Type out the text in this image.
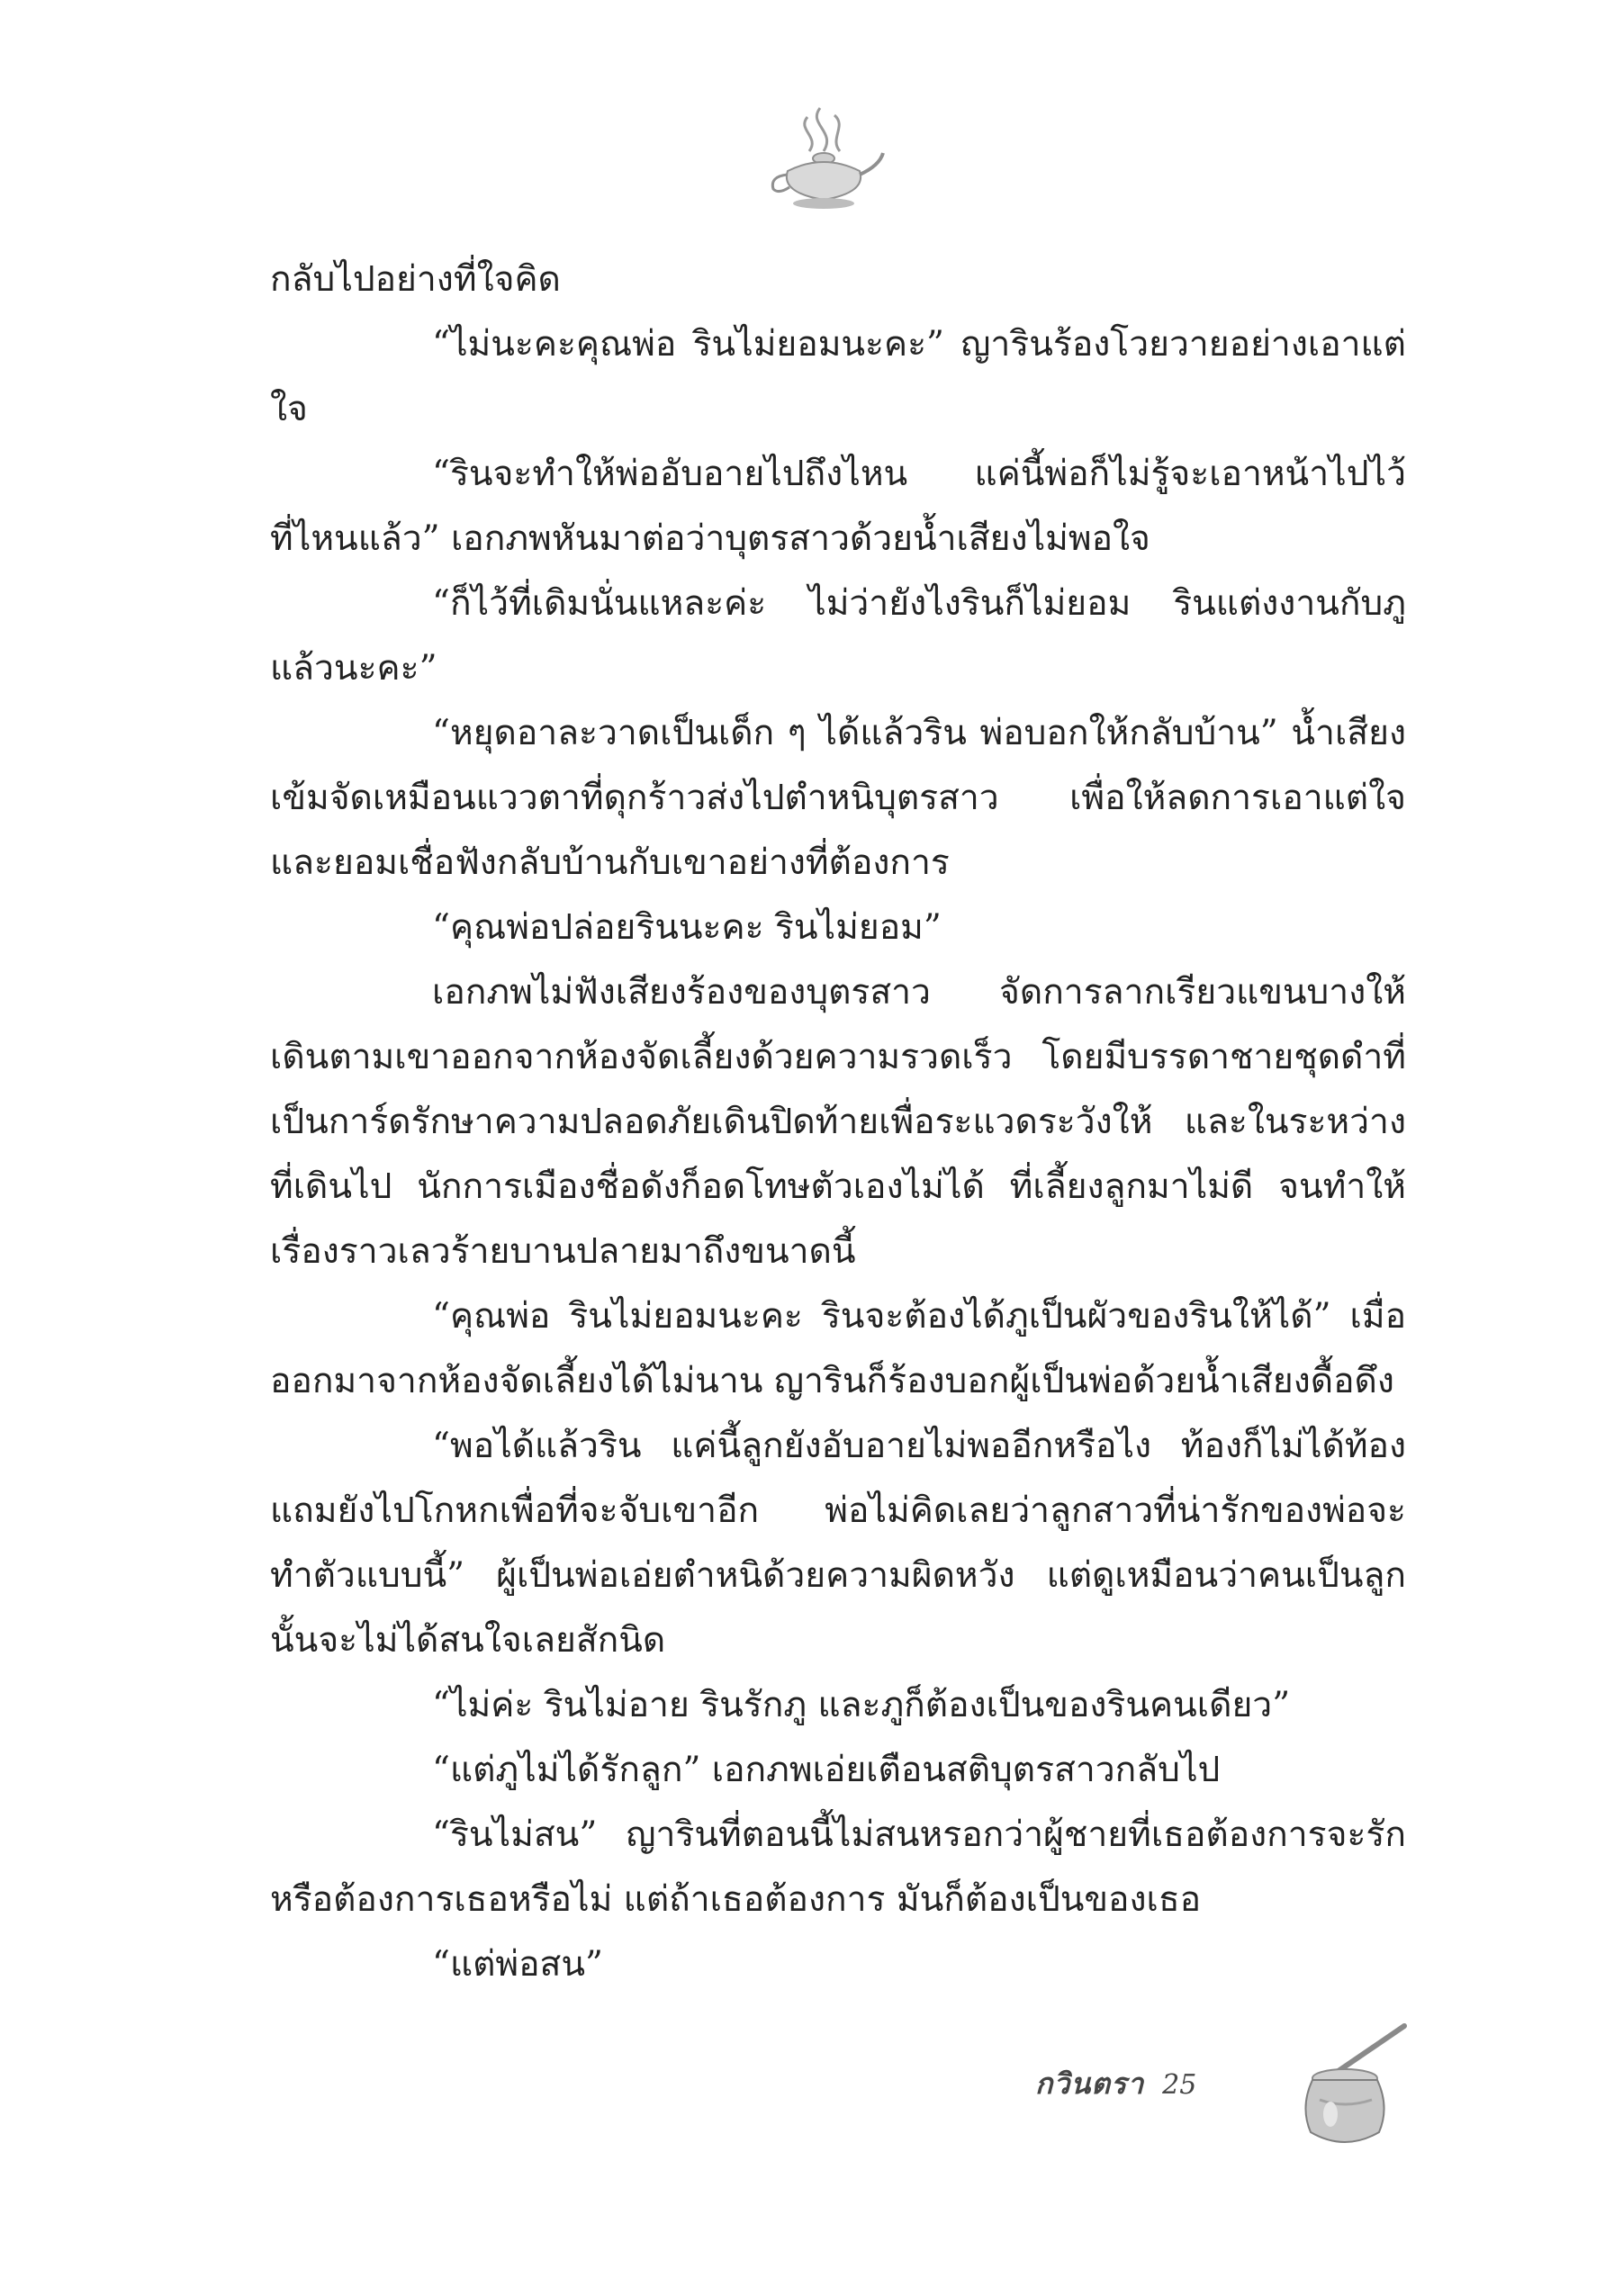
กลับไปอย่างที่ใจคิด

“ไม่นะคะคุณพ่อ รินไม่ยอมนะคะ” ญารินร้องโวยวายอย่างเอาแต่ใจ

“รินจะทำให้พ่ออับอายไปถึงไหน แค่นี้พ่อก็ไม่รู้จะเอาหน้าไปไว้ที่ไหนแล้ว” เอกภพหันมาต่อว่าบุตรสาวด้วยน้ำเสียงไม่พอใจ

“ก็ไว้ที่เดิมนั่นแหละค่ะ ไม่ว่ายังไงรินก็ไม่ยอม รินแต่งงานกับภูแล้วนะคะ”

“หยุดอาละวาดเป็นเด็ก ๆ ได้แล้วริน พ่อบอกให้กลับบ้าน” น้ำเสียงเข้มจัดเหมือนแววตาที่ดุกร้าวส่งไปตำหนิบุตรสาว เพื่อให้ลดการเอาแต่ใจและยอมเชื่อฟังกลับบ้านกับเขาอย่างที่ต้องการ

“คุณพ่อปล่อยรินนะคะ รินไม่ยอม”

เอกภพไม่ฟังเสียงร้องของบุตรสาว จัดการลากเรียวแขนบางให้เดินตามเขาออกจากห้องจัดเลี้ยงด้วยความรวดเร็ว โดยมีบรรดาชายชุดดำที่เป็นการ์ดรักษาความปลอดภัยเดินปิดท้ายเพื่อระแวดระวังให้ และในระหว่างที่เดินไป นักการเมืองชื่อดังก็อดโทษตัวเองไม่ได้ ที่เลี้ยงลูกมาไม่ดี จนทำให้เรื่องราวเลวร้ายบานปลายมาถึงขนาดนี้

“คุณพ่อ รินไม่ยอมนะคะ รินจะต้องได้ภูเป็นผัวของรินให้ได้” เมื่อออกมาจากห้องจัดเลี้ยงได้ไม่นาน ญารินก็ร้องบอกผู้เป็นพ่อด้วยน้ำเสียงดื้อดึง

“พอได้แล้วริน แค่นี้ลูกยังอับอายไม่พออีกหรือไง ท้องก็ไม่ได้ท้อง แถมยังไปโกหกเพื่อที่จะจับเขาอีก พ่อไม่คิดเลยว่าลูกสาวที่น่ารักของพ่อจะทำตัวแบบนี้” ผู้เป็นพ่อเอ่ยตำหนิด้วยความผิดหวัง แต่ดูเหมือนว่าคนเป็นลูกนั้นจะไม่ได้สนใจเลยสักนิด

“ไม่ค่ะ รินไม่อาย รินรักภู และภูก็ต้องเป็นของรินคนเดียว”

“แต่ภูไม่ได้รักลูก” เอกภพเอ่ยเตือนสติบุตรสาวกลับไป

“รินไม่สน” ญารินที่ตอนนี้ไม่สนหรอกว่าผู้ชายที่เธอต้องการจะรักหรือต้องการเธอหรือไม่ แต่ถ้าเธอต้องการ มันก็ต้องเป็นของเธอ

“แต่พ่อสน”

กวินตรา 25
